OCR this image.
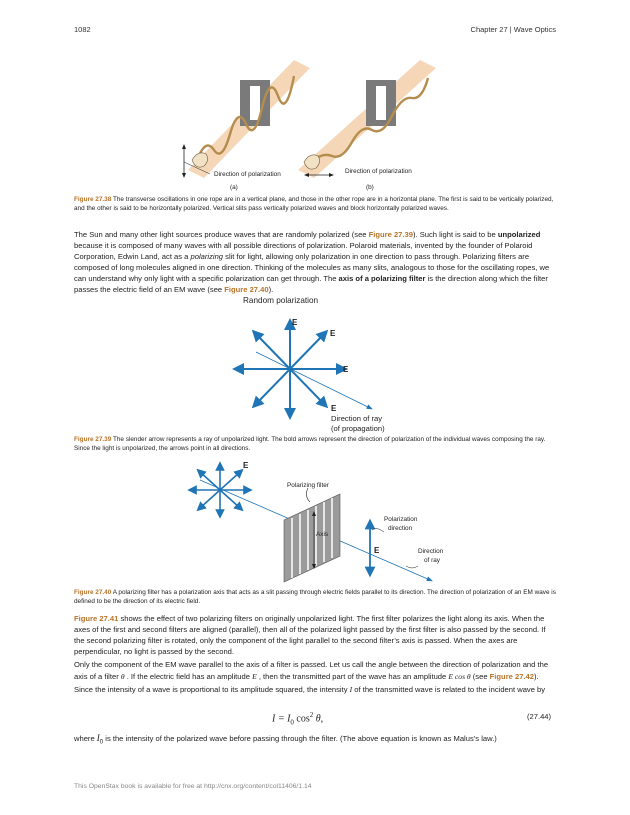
1082	Chapter 27 | Wave Optics
Direction of polarization	Direction of polarization
(a)	(b)
Figure 27.38 The transverse oscillations in one rope are in a vertical plane, and those in the other rope are in a horizontal plane. The first is said to be vertically polarized, and the other is said to be horizontally polarized. Vertical slits pass vertically polarized waves and block horizontally polarized waves.
The Sun and many other light sources produce waves that are randomly polarized (see Figure 27.39). Such light is said to be unpolarized because it is composed of many waves with all possible directions of polarization. Polaroid materials, invented by the founder of Polaroid Corporation, Edwin Land, act as a polarizing slit for light, allowing only polarization in one direction to pass through. Polarizing filters are composed of long molecules aligned in one direction. Thinking of the molecules as many slits, analogous to those for the oscillating ropes, we can understand why only light with a specific polarization can get through. The axis of a polarizing filter is the direction along which the filter passes the electric field of an EM wave (see Figure 27.40).
Random polarization
E
E
E
E
Direction of ray
(of propagation)
Figure 27.39 The slender arrow represents a ray of unpolarized light. The bold arrows represent the direction of polarization of the individual waves composing the ray. Since the light is unpolarized, the arrows point in all directions.
E
Polarizing filter
Axis
Polarization
direction
E	Direction
of ray
Figure 27.40 A polarizing filter has a polarization axis that acts as a slit passing through electric fields parallel to its direction. The direction of polarization of an EM wave is defined to be the direction of its electric field.
Figure 27.41 shows the effect of two polarizing filters on originally unpolarized light. The first filter polarizes the light along its axis. When the axes of the first and second filters are aligned (parallel), then all of the polarized light passed by the first filter is also passed by the second. If the second polarizing filter is rotated, only the component of the light parallel to the second filter’s axis is passed. When the axes are perpendicular, no light is passed by the second.
Only the component of the EM wave parallel to the axis of a filter is passed. Let us call the angle between the direction of polarization and the axis of a filter θ . If the electric field has an amplitude E , then the transmitted part of the wave has an amplitude E cos θ (see Figure 27.42). Since the intensity of a wave is proportional to its amplitude squared, the intensity I of the transmitted wave is related to the incident wave by
$I = I_0$ $\cos^2 \theta$,	(27.44)
where $I_0$ is the intensity of the polarized wave before passing through the filter. (The above equation is known as Malus’s law.)
This OpenStax book is available for free at http://cnx.org/content/col11406/1.14
